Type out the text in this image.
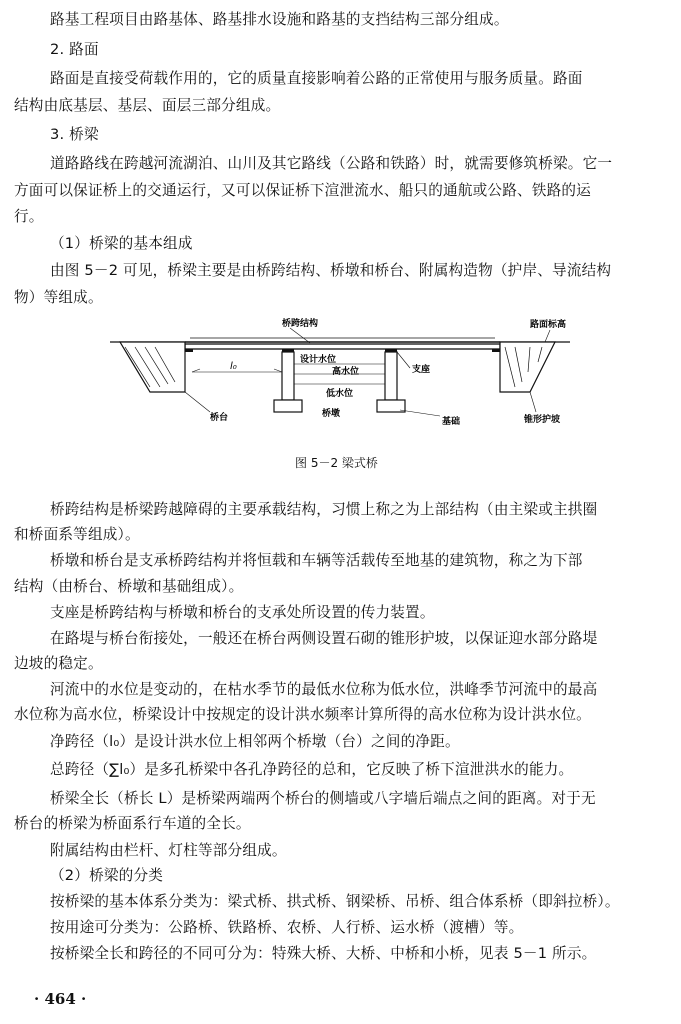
路基工程项目由路基体、路基排水设施和路基的支挡结构三部分组成。
2. 路面
路面是直接受荷载作用的，它的质量直接影响着公路的正常使用与服务质量。路面
结构由底基层、基层、面层三部分组成。
3. 桥梁
道路路线在跨越河流湖泊、山川及其它路线（公路和铁路）时，就需要修筑桥梁。它一
方面可以保证桥上的交通运行，又可以保证桥下渲泄流水、船只的通航或公路、铁路的运
行。
（1）桥梁的基本组成
由图 5－2 可见，桥梁主要是由桥跨结构、桥墩和桥台、附属构造物（护岸、导流结构
物）等组成。
桥跨结构	路面标高
l₀
设计水位
高水位
低水位
支座
桥台	桥墩
基础	锥形护坡
图 5－2 梁式桥
桥跨结构是桥梁跨越障碍的主要承载结构，习惯上称之为上部结构（由主梁或主拱圈
和桥面系等组成）。
桥墩和桥台是支承桥跨结构并将恒载和车辆等活载传至地基的建筑物，称之为下部
结构（由桥台、桥墩和基础组成）。
支座是桥跨结构与桥墩和桥台的支承处所设置的传力装置。
在路堤与桥台衔接处，一般还在桥台两侧设置石砌的锥形护坡，以保证迎水部分路堤
边坡的稳定。
河流中的水位是变动的，在枯水季节的最低水位称为低水位，洪峰季节河流中的最高
水位称为高水位，桥梁设计中按规定的设计洪水频率计算所得的高水位称为设计洪水位。
净跨径（l₀）是设计洪水位上相邻两个桥墩（台）之间的净距。
总跨径（∑l₀）是多孔桥梁中各孔净跨径的总和，它反映了桥下渲泄洪水的能力。
桥梁全长（桥长 L）是桥梁两端两个桥台的侧墙或八字墙后端点之间的距离。对于无
桥台的桥梁为桥面系行车道的全长。
附属结构由栏杆、灯柱等部分组成。
（2）桥梁的分类
按桥梁的基本体系分类为：梁式桥、拱式桥、钢梁桥、吊桥、组合体系桥（即斜拉桥）。
按用途可分类为：公路桥、铁路桥、农桥、人行桥、运水桥（渡槽）等。
按桥梁全长和跨径的不同可分为：特殊大桥、大桥、中桥和小桥，见表 5－1 所示。
· 464 ·
